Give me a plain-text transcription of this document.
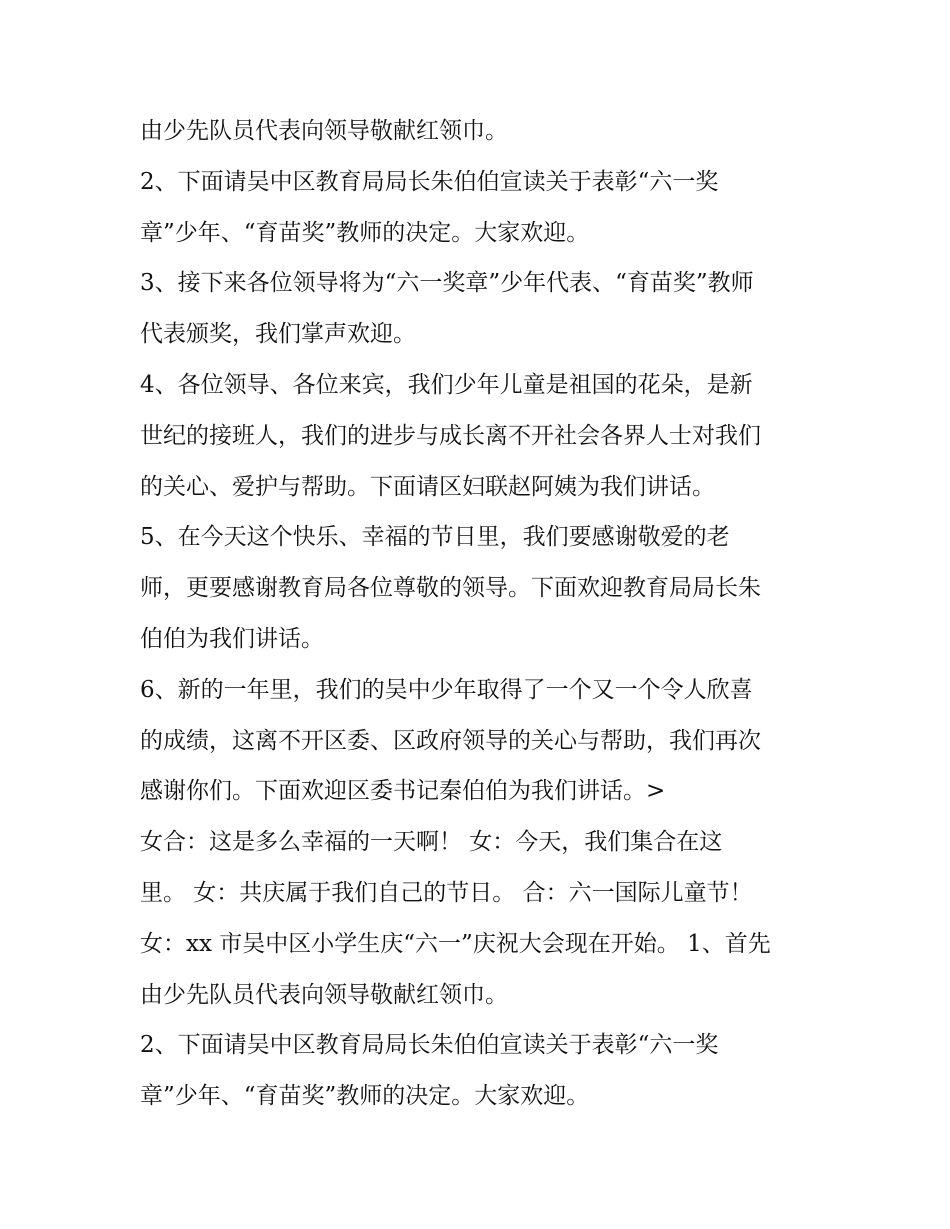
由少先队员代表向领导敬献红领巾。
2、下面请吴中区教育局局长朱伯伯宣读关于表彰“六一奖
章”少年、“育苗奖”教师的决定。大家欢迎。
3、接下来各位领导将为“六一奖章”少年代表、“育苗奖”教师
代表颁奖，我们掌声欢迎。
4、各位领导、各位来宾，我们少年儿童是祖国的花朵，是新
世纪的接班人，我们的进步与成长离不开社会各界人士对我们
的关心、爱护与帮助。下面请区妇联赵阿姨为我们讲话。
5、在今天这个快乐、幸福的节日里，我们要感谢敬爱的老
师，更要感谢教育局各位尊敬的领导。下面欢迎教育局局长朱
伯伯为我们讲话。
6、新的一年里，我们的吴中少年取得了一个又一个令人欣喜
的成绩，这离不开区委、区政府领导的关心与帮助，我们再次
感谢你们。下面欢迎区委书记秦伯伯为我们讲话。>
女合：这是多么幸福的一天啊！ 女：今天，我们集合在这
里。 女：共庆属于我们自己的节日。 合：六一国际儿童节！
女：xx 市吴中区小学生庆“六一”庆祝大会现在开始。 1、首先
由少先队员代表向领导敬献红领巾。
2、下面请吴中区教育局局长朱伯伯宣读关于表彰“六一奖
章”少年、“育苗奖”教师的决定。大家欢迎。
